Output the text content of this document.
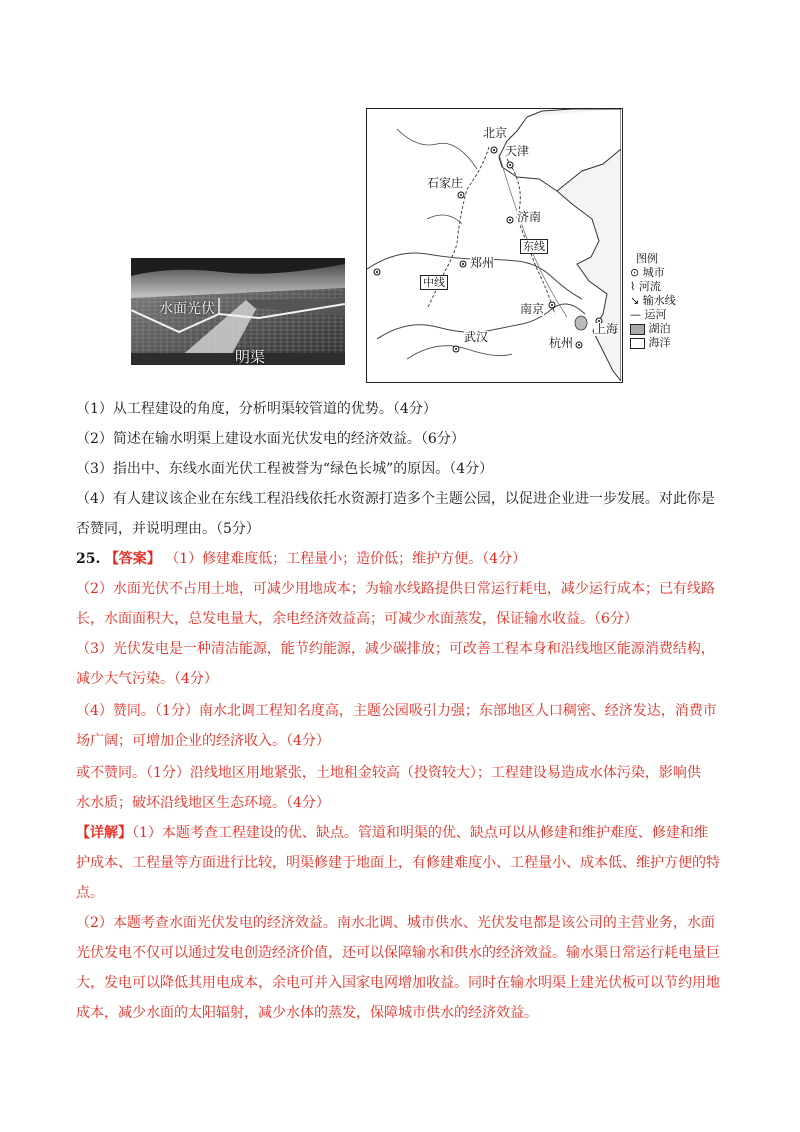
水面光伏
明渠
北京
天津
石家庄
济南
郑州
南京
上海
武汉	杭州
中线
东线
图例
⊙ 城市
⌇ 河流
↘ 输水线
— 运河
湖泊
海洋
（1）从工程建设的角度，分析明渠较管道的优势。（4分）
（2）简述在输水明渠上建设水面光伏发电的经济效益。（6分）
（3）指出中、东线水面光伏工程被誉为“绿色长城”的原因。（4分）
（4）有人建议该企业在东线工程沿线依托水资源打造多个主题公园，以促进企业进一步发展。对此你是
否赞同，并说明理由。（5分）
25. 【答案】 （1）修建难度低；工程量小；造价低；维护方便。（4分）
（2）水面光伏不占用土地，可减少用地成本；为输水线路提供日常运行耗电，减少运行成本；已有线路
长，水面面积大，总发电量大，余电经济效益高；可减少水面蒸发，保证输水收益。（6分）
（3）光伏发电是一种清洁能源，能节约能源，减少碳排放；可改善工程本身和沿线地区能源消费结构，
减少大气污染。（4分）
（4）赞同。（1分）南水北调工程知名度高，主题公园吸引力强；东部地区人口稠密、经济发达，消费市
场广阔；可增加企业的经济收入。（4分）
或不赞同。（1分）沿线地区用地紧张，土地租金较高（投资较大）；工程建设易造成水体污染，影响供
水水质；破坏沿线地区生态环境。（4分）
【详解】（1）本题考查工程建设的优、缺点。管道和明渠的优、缺点可以从修建和维护难度、修建和维
护成本、工程量等方面进行比较，明渠修建于地面上，有修建难度小、工程量小、成本低、维护方便的特
点。
（2）本题考查水面光伏发电的经济效益。南水北调、城市供水、光伏发电都是该公司的主营业务，水面
光伏发电不仅可以通过发电创造经济价值，还可以保障输水和供水的经济效益。输水渠日常运行耗电量巨
大，发电可以降低其用电成本，余电可并入国家电网增加收益。同时在输水明渠上建光伏板可以节约用地
成本，减少水面的太阳辐射，减少水体的蒸发，保障城市供水的经济效益。
